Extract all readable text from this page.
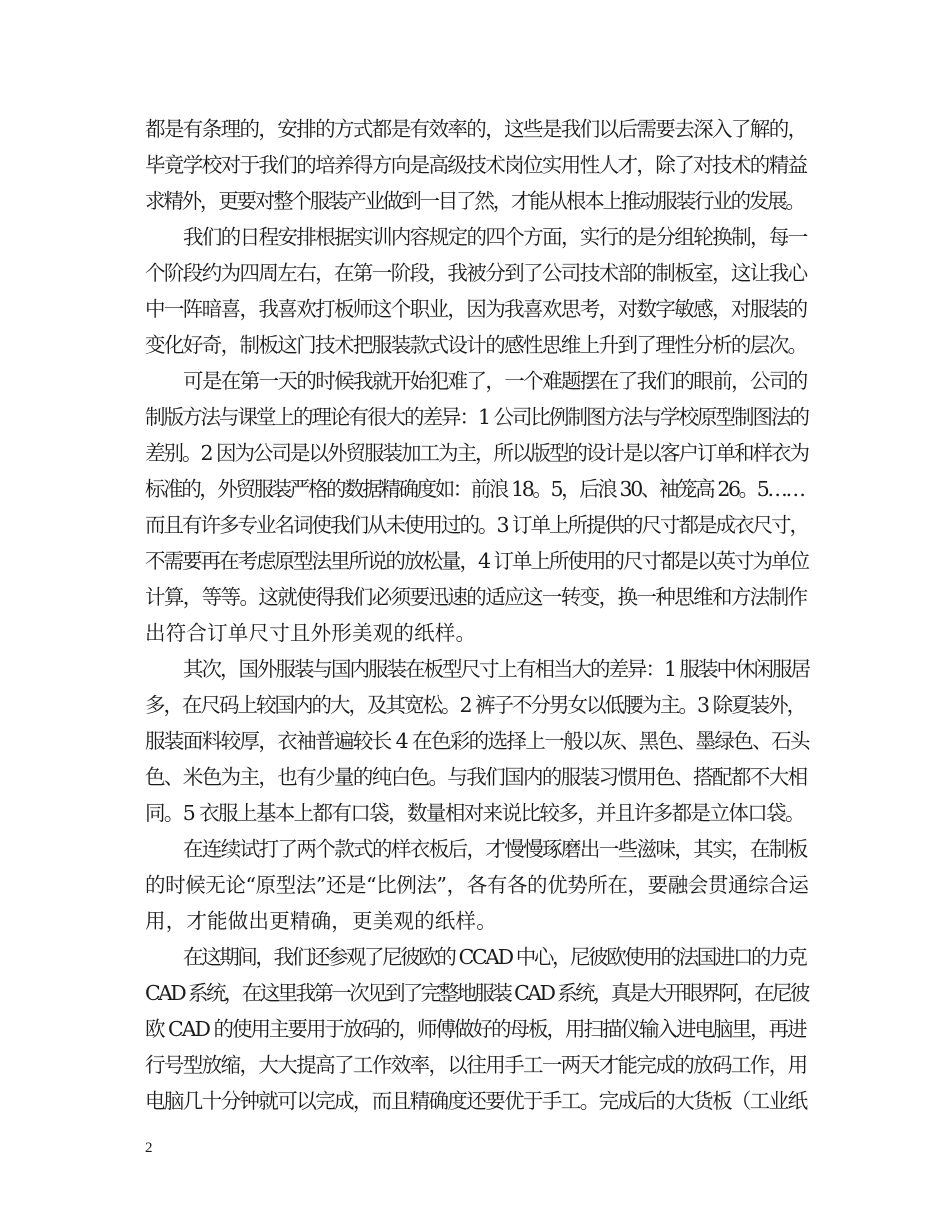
都是有条理的，安排的方式都是有效率的，这些是我们以后需要去深入了解的，
毕竟学校对于我们的培养得方向是高级技术岗位实用性人才，除了对技术的精益
求精外，更要对整个服装产业做到一目了然，才能从根本上推动服装行业的发展。
我们的日程安排根据实训内容规定的四个方面，实行的是分组轮换制，每一
个阶段约为四周左右，在第一阶段，我被分到了公司技术部的制板室，这让我心
中一阵暗喜，我喜欢打板师这个职业，因为我喜欢思考，对数字敏感，对服装的
变化好奇，制板这门技术把服装款式设计的感性思维上升到了理性分析的层次。
可是在第一天的时候我就开始犯难了，一个难题摆在了我们的眼前，公司的
制版方法与课堂上的理论有很大的差异：1 公司比例制图方法与学校原型制图法的
差别。2 因为公司是以外贸服装加工为主，所以版型的设计是以客户订单和样衣为
标准的，外贸服装严格的数据精确度如：前浪 18。5，后浪 30、袖笼高 26。5……
而且有许多专业名词使我们从未使用过的。3 订单上所提供的尺寸都是成衣尺寸，
不需要再在考虑原型法里所说的放松量，4 订单上所使用的尺寸都是以英寸为单位
计算，等等。这就使得我们必须要迅速的适应这一转变，换一种思维和方法制作
出符合订单尺寸且外形美观的纸样。
其次，国外服装与国内服装在板型尺寸上有相当大的差异：1 服装中休闲服居
多，在尺码上较国内的大，及其宽松。2 裤子不分男女以低腰为主。3 除夏装外，
服装面料较厚，衣袖普遍较长 4 在色彩的选择上一般以灰、黑色、墨绿色、石头
色、米色为主，也有少量的纯白色。与我们国内的服装习惯用色、搭配都不大相
同。5 衣服上基本上都有口袋，数量相对来说比较多，并且许多都是立体口袋。
在连续试打了两个款式的样衣板后，才慢慢琢磨出一些滋味，其实，在制板
的时候无论“原型法”还是“比例法”，各有各的优势所在，要融会贯通综合运
用，才能做出更精确，更美观的纸样。
在这期间，我们还参观了尼彼欧的 CCAD 中心，尼彼欧使用的法国进口的力克
CAD 系统，在这里我第一次见到了完整地服装 CAD 系统，真是大开眼界阿，在尼彼
欧 CAD 的使用主要用于放码的，师傅做好的母板，用扫描仪输入进电脑里，再进
行号型放缩，大大提高了工作效率，以往用手工一两天才能完成的放码工作，用
电脑几十分钟就可以完成，而且精确度还要优于手工。完成后的大货板（工业纸
2
